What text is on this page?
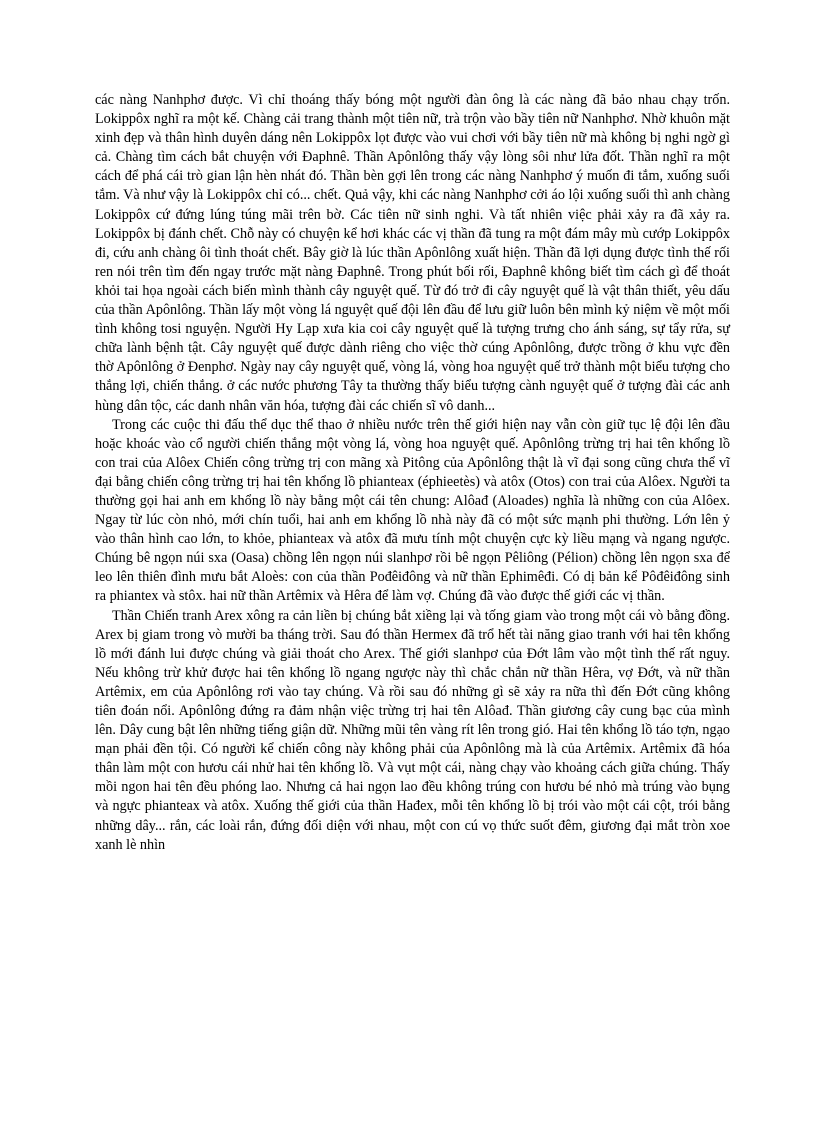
các nàng Nanhphơ được. Vì chỉ thoáng thấy bóng một người đàn ông là các nàng đã bảo nhau chạy trốn. Lokippôx nghĩ ra một kế. Chàng cải trang thành một tiên nữ, trà trộn vào bầy tiên nữ Nanhphơ. Nhờ khuôn mặt xinh đẹp và thân hình duyên dáng nên Lokippôx lọt được vào vui chơi với bầy tiên nữ mà không bị nghi ngờ gì cả. Chàng tìm cách bắt chuyện với Đaphnê. Thần Apônlông thấy vậy lòng sôi như lửa đốt. Thần nghĩ ra một cách để phá cái trò gian lận hèn nhát đó. Thần bèn gợi lên trong các nàng Nanhphơ ý muốn đi tắm, xuống suối tắm. Và như vậy là Lokippôx chỉ có... chết. Quả vậy, khi các nàng Nanhphơ cởi áo lội xuống suối thì anh chàng Lokippôx cứ đứng lúng túng mãi trên bờ. Các tiên nữ sinh nghi. Và tất nhiên việc phải xảy ra đã xảy ra. Lokippôx bị đánh chết. Chỗ này có chuyện kể hơi khác các vị thần đã tung ra một đám mây mù cướp Lokippôx đi, cứu anh chàng ôi tình thoát chết. Bây giờ là lúc thần Apônlông xuất hiện. Thần đã lợi dụng được tình thế rối ren nói trên tìm đến ngay trước mặt nàng Đaphnê. Trong phút bối rối, Đaphnê không biết tìm cách gì để thoát khỏi tai họa ngoài cách biến mình thành cây nguyệt quế. Từ đó trở đi cây nguyệt quế là vật thân thiết, yêu dấu của thần Apônlông. Thần lấy một vòng lá nguyệt quế đội lên đầu để lưu giữ luôn bên mình kỷ niệm về một mối tình không tosi nguyện. Người Hy Lạp xưa kia coi cây nguyệt quế là tượng trưng cho ánh sáng, sự tẩy rửa, sự chữa lành bệnh tật. Cây nguyệt quế được dành riêng cho việc thờ cúng Apônlông, được trồng ở khu vực đền thờ Apônlông ở Đenphơ. Ngày nay cây nguyệt quế, vòng lá, vòng hoa nguyệt quế trở thành một biểu tượng cho thắng lợi, chiến thắng. ở các nước phương Tây ta thường thấy biểu tượng cành nguyệt quế ở tượng đài các anh hùng dân tộc, các danh nhân văn hóa, tượng đài các chiến sĩ vô danh...

Trong các cuộc thi đấu thể dục thể thao ở nhiều nước trên thế giới hiện nay vẫn còn giữ tục lệ đội lên đầu hoặc khoác vào cổ người chiến thắng một vòng lá, vòng hoa nguyệt quế. Apônlông trừng trị hai tên khổng lồ con trai của Alôex Chiến công trừng trị con mãng xà Pitông của Apônlông thật là vĩ đại song cũng chưa thể vĩ đại bằng chiến công trừng trị hai tên khổng lồ phianteax (éphieetès) và atôx (Otos) con trai của Alôex. Người ta thường gọi hai anh em khổng lồ này bằng một cái tên chung: Alôađ (Aloades) nghĩa là những con của Alôex. Ngay từ lúc còn nhỏ, mới chín tuổi, hai anh em khổng lồ nhà này đã có một sức mạnh phi thường. Lớn lên ỷ vào thân hình cao lớn, to khỏe, phianteax và atôx đã mưu tính một chuyện cực kỳ liều mạng và ngang ngược. Chúng bê ngọn núi sxa (Oasa) chồng lên ngọn núi slanhpơ rồi bê ngọn Pêliông (Pélion) chồng lên ngọn sxa để leo lên thiên đình mưu bắt Aloès: con của thần Pođêiđông và nữ thần Ephimêđi. Có dị bản kể Pôđêiđông sinh ra phiantex và stôx. hai nữ thần Artêmix và Hêra để làm vợ. Chúng đã vào được thế giới các vị thần.

Thần Chiến tranh Arex xông ra cản liền bị chúng bắt xiềng lại và tống giam vào trong một cái vò bằng đồng. Arex bị giam trong vò mười ba tháng trời. Sau đó thần Hermex đã trổ hết tài năng giao tranh với hai tên khổng lồ mới đánh lui được chúng và giải thoát cho Arex. Thế giới slanhpơ của Đớt lâm vào một tình thế rất nguy. Nếu không trừ khử được hai tên khổng lồ ngang ngược này thì chắc chắn nữ thần Hêra, vợ Đớt, và nữ thần Artêmix, em của Apônlông rơi vào tay chúng. Và rồi sau đó những gì sẽ xảy ra nữa thì đến Đớt cũng không tiên đoán nổi. Apônlông đứng ra đảm nhận việc trừng trị hai tên Alôađ. Thần giương cây cung bạc của mình lên. Dây cung bật lên những tiếng giận dữ. Những mũi tên vàng rít lên trong gió. Hai tên khổng lồ táo tợn, ngạo mạn phải đền tội. Có người kể chiến công này không phải của Apônlông mà là của Artêmix. Artêmix đã hóa thân làm một con hươu cái nhử hai tên khổng lồ. Và vụt một cái, nàng chạy vào khoảng cách giữa chúng. Thấy mồi ngon hai tên đều phóng lao. Nhưng cả hai ngọn lao đều không trúng con hươu bé nhỏ mà trúng vào bụng và ngực phianteax và atôx. Xuống thế giới của thần Hađex, mỗi tên khổng lồ bị trói vào một cái cột, trói bằng những dây... rắn, các loài rắn, đứng đối diện với nhau, một con cú vọ thức suốt đêm, giương đại mắt tròn xoe xanh lè nhìn
